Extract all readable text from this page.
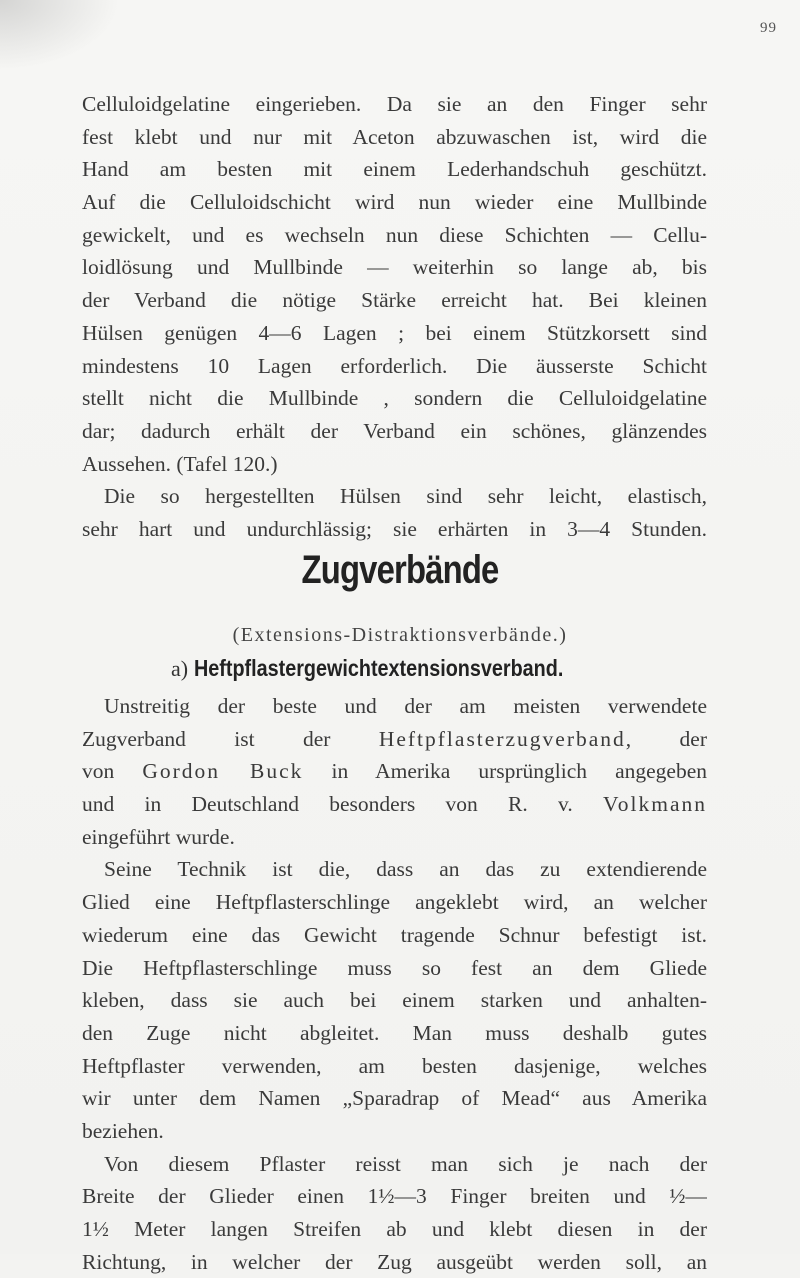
99
Celluloidgelatine eingerieben. Da sie an den Finger sehr
fest klebt und nur mit Aceton abzuwaschen ist, wird die
Hand am besten mit einem Lederhandschuh geschützt.
Auf die Celluloidschicht wird nun wieder eine Mullbinde
gewickelt, und es wechseln nun diese Schichten — Cellu-
loidlösung und Mullbinde — weiterhin so lange ab, bis
der Verband die nötige Stärke erreicht hat. Bei kleinen
Hülsen genügen 4—6 Lagen ; bei einem Stützkorsett sind
mindestens 10 Lagen erforderlich. Die äusserste Schicht
stellt nicht die Mullbinde , sondern die Celluloidgelatine
dar; dadurch erhält der Verband ein schönes, glänzendes
Aussehen. (Tafel 120.)
Die so hergestellten Hülsen sind sehr leicht, elastisch,
sehr hart und undurchlässig; sie erhärten in 3—4 Stunden.
Zugverbände
(Extensions-Distraktionsverbände.)
a) Heftpflastergewichtextensionsverband.
Unstreitig der beste und der am meisten verwendete
Zugverband ist der Heftpflasterzugverband, der
von Gordon Buck in Amerika ursprünglich angegeben
und in Deutschland besonders von R. v. Volkmann
eingeführt wurde.
Seine Technik ist die, dass an das zu extendierende
Glied eine Heftpflasterschlinge angeklebt wird, an welcher
wiederum eine das Gewicht tragende Schnur befestigt ist.
Die Heftpflasterschlinge muss so fest an dem Gliede
kleben, dass sie auch bei einem starken und anhalten-
den Zuge nicht abgleitet. Man muss deshalb gutes
Heftpflaster verwenden, am besten dasjenige, welches
wir unter dem Namen „Sparadrap of Mead“ aus Amerika
beziehen.
Von diesem Pflaster reisst man sich je nach der
Breite der Glieder einen 1½—3 Finger breiten und ½—
1½ Meter langen Streifen ab und klebt diesen in der
Richtung, in welcher der Zug ausgeübt werden soll, an
